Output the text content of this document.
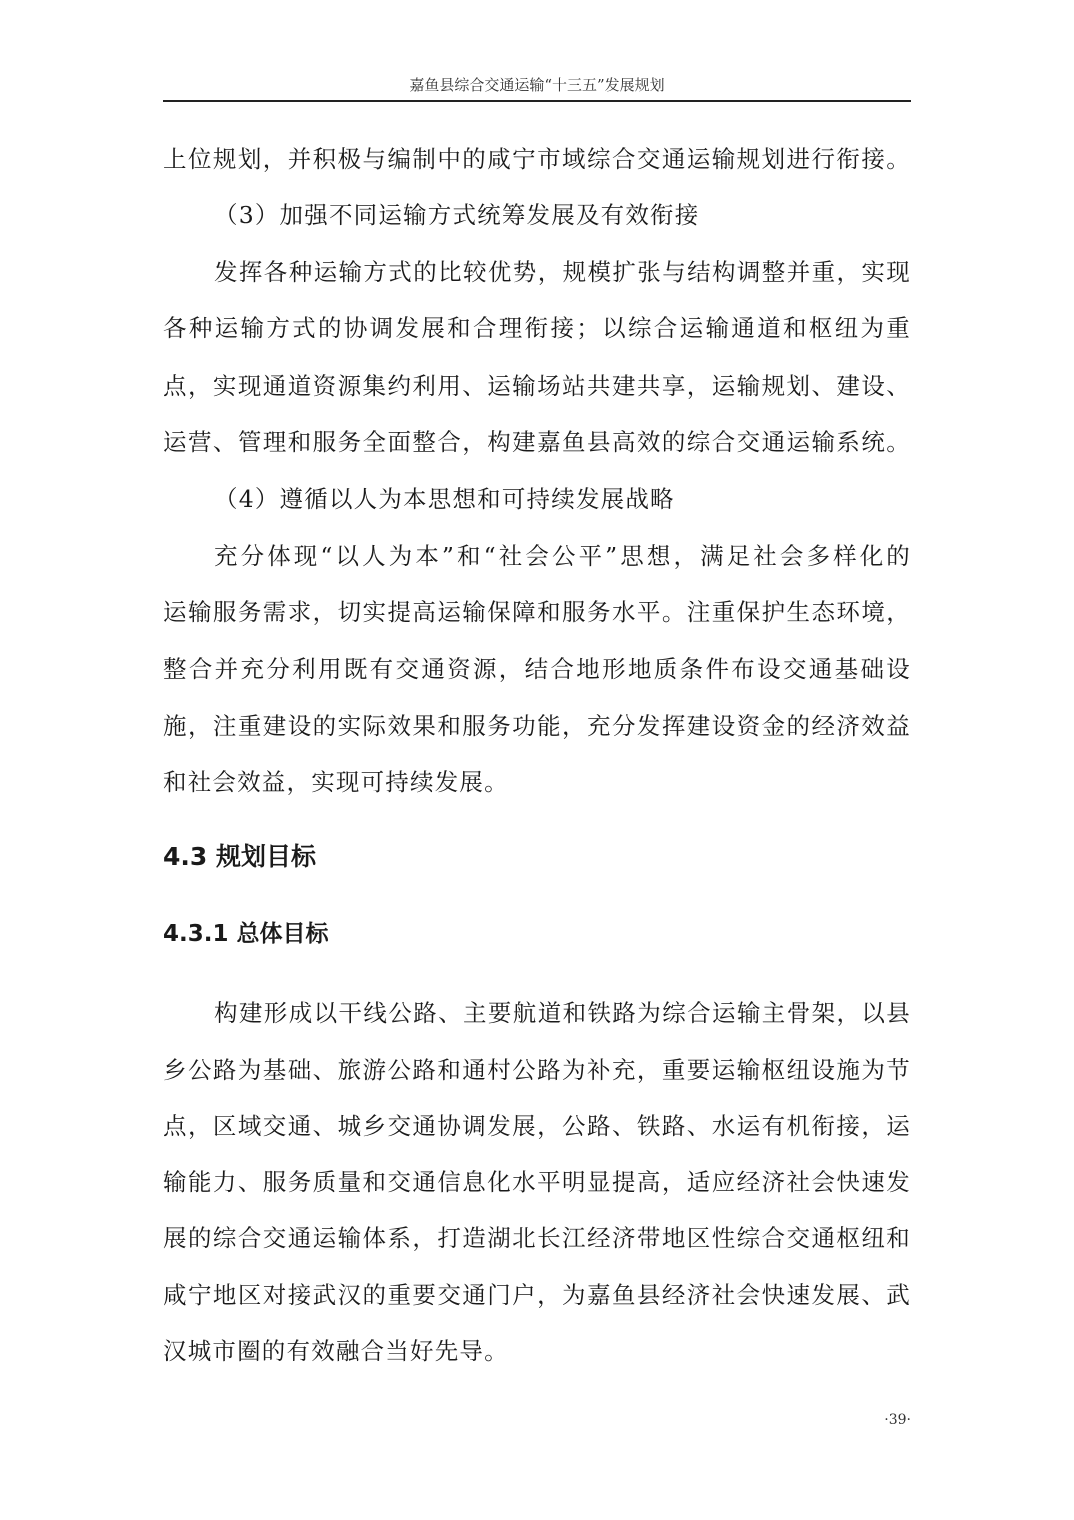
嘉鱼县综合交通运输“十三五”发展规划
上位规划，并积极与编制中的咸宁市域综合交通运输规划进行衔接。
（3）加强不同运输方式统筹发展及有效衔接
发挥各种运输方式的比较优势，规模扩张与结构调整并重，实现
各种运输方式的协调发展和合理衔接；以综合运输通道和枢纽为重
点，实现通道资源集约利用、运输场站共建共享，运输规划、建设、
运营、管理和服务全面整合，构建嘉鱼县高效的综合交通运输系统。
（4）遵循以人为本思想和可持续发展战略
充分体现“以人为本”和“社会公平”思想，满足社会多样化的
运输服务需求，切实提高运输保障和服务水平。注重保护生态环境，
整合并充分利用既有交通资源，结合地形地质条件布设交通基础设
施，注重建设的实际效果和服务功能，充分发挥建设资金的经济效益
和社会效益，实现可持续发展。
4.3 规划目标
4.3.1 总体目标
构建形成以干线公路、主要航道和铁路为综合运输主骨架，以县
乡公路为基础、旅游公路和通村公路为补充，重要运输枢纽设施为节
点，区域交通、城乡交通协调发展，公路、铁路、水运有机衔接，运
输能力、服务质量和交通信息化水平明显提高，适应经济社会快速发
展的综合交通运输体系，打造湖北长江经济带地区性综合交通枢纽和
咸宁地区对接武汉的重要交通门户，为嘉鱼县经济社会快速发展、武
汉城市圈的有效融合当好先导。
·39·
